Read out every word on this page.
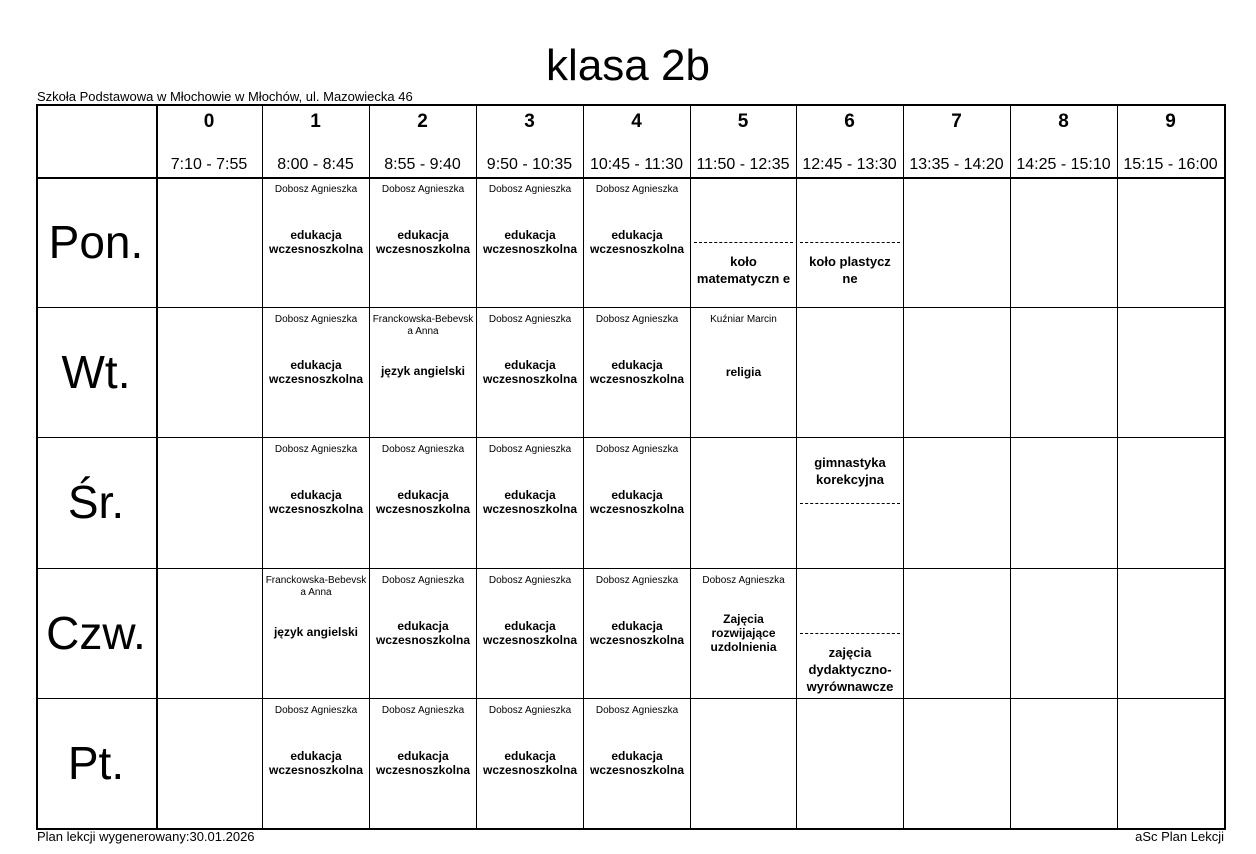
klasa 2b
Szkoła Podstawowa w Młochowie w Młochów, ul. Mazowiecka 46
0
7:10 - 7:55
1
8:00 - 8:45
2
8:55 - 9:40
3
9:50 - 10:35
4
10:45 - 11:30
5
11:50 - 12:35
6
12:45 - 13:30
7
13:35 - 14:20
8
14:25 - 15:10
9
15:15 - 16:00
Pon.
Dobosz Agnieszka
edukacja wczesnoszkolna
Dobosz Agnieszka
edukacja wczesnoszkolna
Dobosz Agnieszka
edukacja wczesnoszkolna
Dobosz Agnieszka
edukacja wczesnoszkolna
koło matematyczn e
koło plastycz ne
Wt.
Dobosz Agnieszka
edukacja wczesnoszkolna
Franckowska-Bebevsk a Anna
język angielski
Dobosz Agnieszka
edukacja wczesnoszkolna
Dobosz Agnieszka
edukacja wczesnoszkolna
Kuźniar Marcin
religia
Śr.
Dobosz Agnieszka
edukacja wczesnoszkolna
Dobosz Agnieszka
edukacja wczesnoszkolna
Dobosz Agnieszka
edukacja wczesnoszkolna
Dobosz Agnieszka
edukacja wczesnoszkolna
gimnastyka korekcyjna
Czw.
Franckowska-Bebevsk a Anna
język angielski
Dobosz Agnieszka
edukacja wczesnoszkolna
Dobosz Agnieszka
edukacja wczesnoszkolna
Dobosz Agnieszka
edukacja wczesnoszkolna
Dobosz Agnieszka
Zajęcia rozwijające uzdolnienia	zajęcia dydaktyczno- wyrównawcze
Pt.
Dobosz Agnieszka
edukacja wczesnoszkolna
Dobosz Agnieszka
edukacja wczesnoszkolna
Dobosz Agnieszka
edukacja wczesnoszkolna
Dobosz Agnieszka
edukacja wczesnoszkolna
Plan lekcji wygenerowany:30.01.2026	aSc Plan Lekcji
